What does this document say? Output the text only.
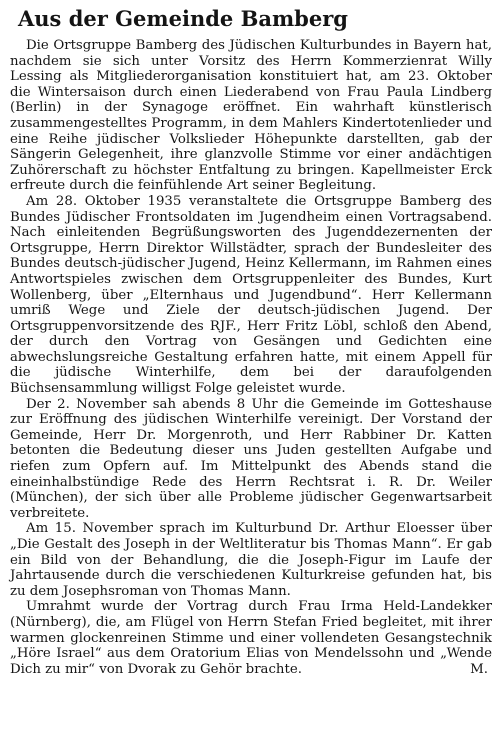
Aus der Gemeinde Bamberg

Die Ortsgruppe Bamberg des Jüdischen Kulturbundes in Bayern hat, nachdem sie sich unter Vorsitz des Herrn Kommerzienrat Willy Lessing als Mitgliederorganisation konstituiert hat, am 23. Oktober die Wintersaison durch einen Liederabend von Frau Paula Lindberg (Berlin) in der Synagoge eröffnet. Ein wahrhaft künstlerisch zusammengestelltes Programm, in dem Mahlers Kindertotenlieder und eine Reihe jüdischer Volkslieder Höhepunkte darstellten, gab der Sängerin Gelegenheit, ihre glanzvolle Stimme vor einer andächtigen Zuhörerschaft zu höchster Entfaltung zu bringen. Kapellmeister Erck erfreute durch die feinfühlende Art seiner Begleitung.

Am 28. Oktober 1935 veranstaltete die Ortsgruppe Bamberg des Bundes Jüdischer Frontsoldaten im Jugendheim einen Vortragsabend. Nach einleitenden Begrüßungsworten des Jugenddezernenten der Ortsgruppe, Herrn Direktor Willstädter, sprach der Bundesleiter des Bundes deutsch-jüdischer Jugend, Heinz Kellermann, im Rahmen eines Antwortspieles zwischen dem Ortsgruppenleiter des Bundes, Kurt Wollenberg, über „Elternhaus und Jugendbund“. Herr Kellermann umriß Wege und Ziele der deutsch-jüdischen Jugend. Der Ortsgruppenvorsitzende des RJF., Herr Fritz Löbl, schloß den Abend, der durch den Vortrag von Gesängen und Gedichten eine abwechslungsreiche Gestaltung erfahren hatte, mit einem Appell für die jüdische Winterhilfe, dem bei der daraufolgenden Büchsensammlung willigst Folge geleistet wurde.

Der 2. November sah abends 8 Uhr die Gemeinde im Gotteshause zur Eröffnung des jüdischen Winterhilfe vereinigt. Der Vorstand der Gemeinde, Herr Dr. Morgenroth, und Herr Rabbiner Dr. Katten betonten die Bedeutung dieser uns Juden gestellten Aufgabe und riefen zum Opfern auf. Im Mittelpunkt des Abends stand die eineinhalbstündige Rede des Herrn Rechtsrat i. R. Dr. Weiler (München), der sich über alle Probleme jüdischer Gegenwartsarbeit verbreitete.

Am 15. November sprach im Kulturbund Dr. Arthur Eloesser über „Die Gestalt des Joseph in der Weltliteratur bis Thomas Mann“. Er gab ein Bild von der Behandlung, die die Joseph-Figur im Laufe der Jahrtausende durch die verschiedenen Kulturkreise gefunden hat, bis zu dem Josephsroman von Thomas Mann.

Umrahmt wurde der Vortrag durch Frau Irma Held-Landekker (Nürnberg), die, am Flügel von Herrn Stefan Fried begleitet, mit ihrer warmen glockenreinen Stimme und einer vollendeten Gesangstechnik „Höre Israel“ aus dem Oratorium Elias von Mendelssohn und „Wende Dich zu mir“ von Dvorak zu Gehör brachte.	M.
